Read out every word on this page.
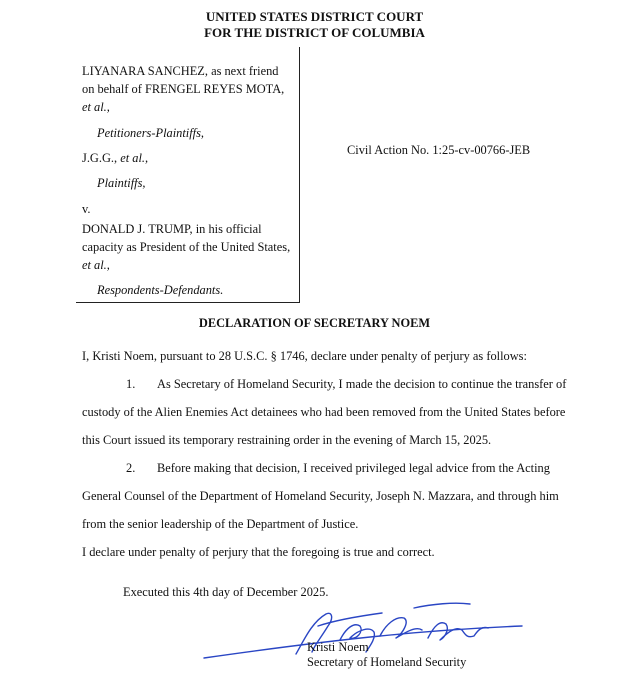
UNITED STATES DISTRICT COURT
FOR THE DISTRICT OF COLUMBIA
LIYANARA SANCHEZ, as next friend
on behalf of FRENGEL REYES MOTA,
et al.,
Petitioners-Plaintiffs,
J.G.G., et al.,
Plaintiffs,
v.
DONALD J. TRUMP, in his official
capacity as President of the United States,
et al.,
Respondents-Defendants.
Civil Action No. 1:25-cv-00766-JEB
DECLARATION OF SECRETARY NOEM
I, Kristi Noem, pursuant to 28 U.S.C. § 1746, declare under penalty of perjury as follows:
1. As Secretary of Homeland Security, I made the decision to continue the transfer of
custody of the Alien Enemies Act detainees who had been removed from the United States before
this Court issued its temporary restraining order in the evening of March 15, 2025.
2. Before making that decision, I received privileged legal advice from the Acting
General Counsel of the Department of Homeland Security, Joseph N. Mazzara, and through him
from the senior leadership of the Department of Justice.
I declare under penalty of perjury that the foregoing is true and correct.
Executed this 4th day of December 2025.
Kristi Noem
Secretary of Homeland Security
